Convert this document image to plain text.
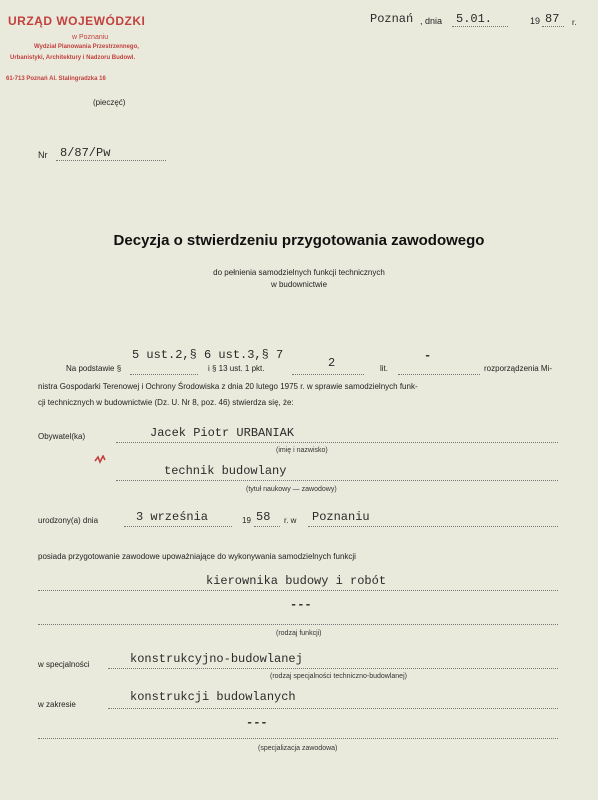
URZĄD WOJEWÓDZKI
w Poznaniu
Wydział Planowania Przestrzennego,
Urbanistyki, Architektury i Nadzoru Budowl.
61-713 Poznań Al. Stalingradzka 16
(pieczęć)
Poznań , dnia 5.01.	19 87 r.
Nr 8/87/Pw
Decyzja o stwierdzeniu przygotowania zawodowego
do pełnienia samodzielnych funkcji technicznych
w budownictwie
Na podstawie §
5 ust.2,§ 6 ust.3,§ 7
i § 13 ust. 1 pkt.	2	lit.
-
rozporządzenia Mi-
nistra Gospodarki Terenowej i Ochrony Środowiska z dnia 20 lutego 1975 r. w sprawie samodzielnych funk-
cji technicznych w budownictwie (Dz. U. Nr 8, poz. 46) stwierdza się, że:
Obywatel(ka)	Jacek Piotr URBANIAK
(imię i nazwisko)
technik budowlany
(tytuł naukowy — zawodowy)
urodzony(a) dnia	3 września	19 58 r. w Poznaniu
posiada przygotowanie zawodowe upoważniające do wykonywania samodzielnych funkcji
kierownika budowy i robót
---
(rodzaj funkcji)
w specjalności	konstrukcyjno-budowlanej
(rodzaj specjalności techniczno-budowlanej)
w zakresie
konstrukcji budowlanych
---
(specjalizacja zawodowa)
